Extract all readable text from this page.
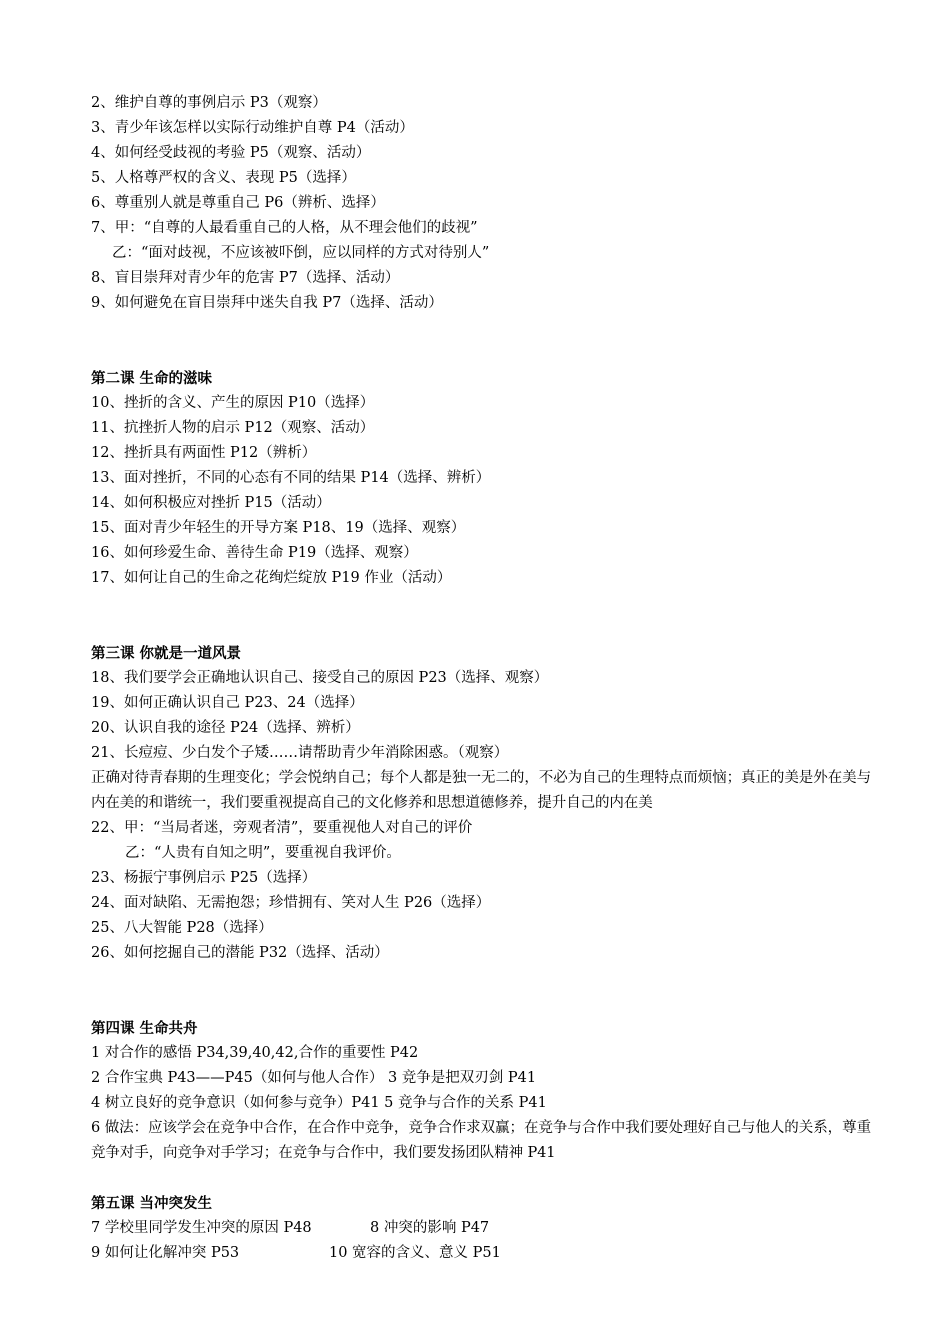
2、维护自尊的事例启示 P3（观察）
3、青少年该怎样以实际行动维护自尊 P4（活动）
4、如何经受歧视的考验 P5（观察、活动）
5、人格尊严权的含义、表现 P5（选择）
6、尊重别人就是尊重自己 P6（辨析、选择）
7、甲：“自尊的人最看重自己的人格，从不理会他们的歧视”
乙：“面对歧视，不应该被吓倒，应以同样的方式对待别人”
8、盲目崇拜对青少年的危害 P7（选择、活动）
9、如何避免在盲目崇拜中迷失自我 P7（选择、活动）
第二课 生命的滋味
10、挫折的含义、产生的原因 P10（选择）
11、抗挫折人物的启示 P12（观察、活动）
12、挫折具有两面性 P12（辨析）
13、面对挫折，不同的心态有不同的结果 P14（选择、辨析）
14、如何积极应对挫折 P15（活动）
15、面对青少年轻生的开导方案 P18、19（选择、观察）
16、如何珍爱生命、善待生命 P19（选择、观察）
17、如何让自己的生命之花绚烂绽放 P19 作业（活动）
第三课 你就是一道风景
18、我们要学会正确地认识自己、接受自己的原因 P23（选择、观察）
19、如何正确认识自己 P23、24（选择）
20、认识自我的途径 P24（选择、辨析）
21、长痘痘、少白发个子矮……请帮助青少年消除困惑。（观察）
正确对待青春期的生理变化；学会悦纳自己；每个人都是独一无二的，不必为自己的生理特点而烦恼；真正的美是外在美与内在美的和谐统一，我们要重视提高自己的文化修养和思想道德修养，提升自己的内在美
22、甲：“当局者迷，旁观者清”，要重视他人对自己的评价
乙：“人贵有自知之明”，要重视自我评价。
23、杨振宁事例启示 P25（选择）
24、面对缺陷、无需抱怨；珍惜拥有、笑对人生 P26（选择）
25、八大智能 P28（选择）
26、如何挖掘自己的潜能 P32（选择、活动）
第四课 生命共舟
1 对合作的感悟 P34,39,40,42,合作的重要性 P42
2 合作宝典 P43——P45（如何与他人合作） 3 竞争是把双刃剑 P41
4 树立良好的竞争意识（如何参与竞争）P41 5 竞争与合作的关系 P41
6 做法：应该学会在竞争中合作，在合作中竞争，竞争合作求双赢；在竞争与合作中我们要处理好自己与他人的关系，尊重竞争对手，向竞争对手学习；在竞争与合作中，我们要发扬团队精神 P41
第五课 当冲突发生
7 学校里同学发生冲突的原因 P48	8 冲突的影响 P47
9 如何让化解冲突 P53	10 宽容的含义、意义 P51
